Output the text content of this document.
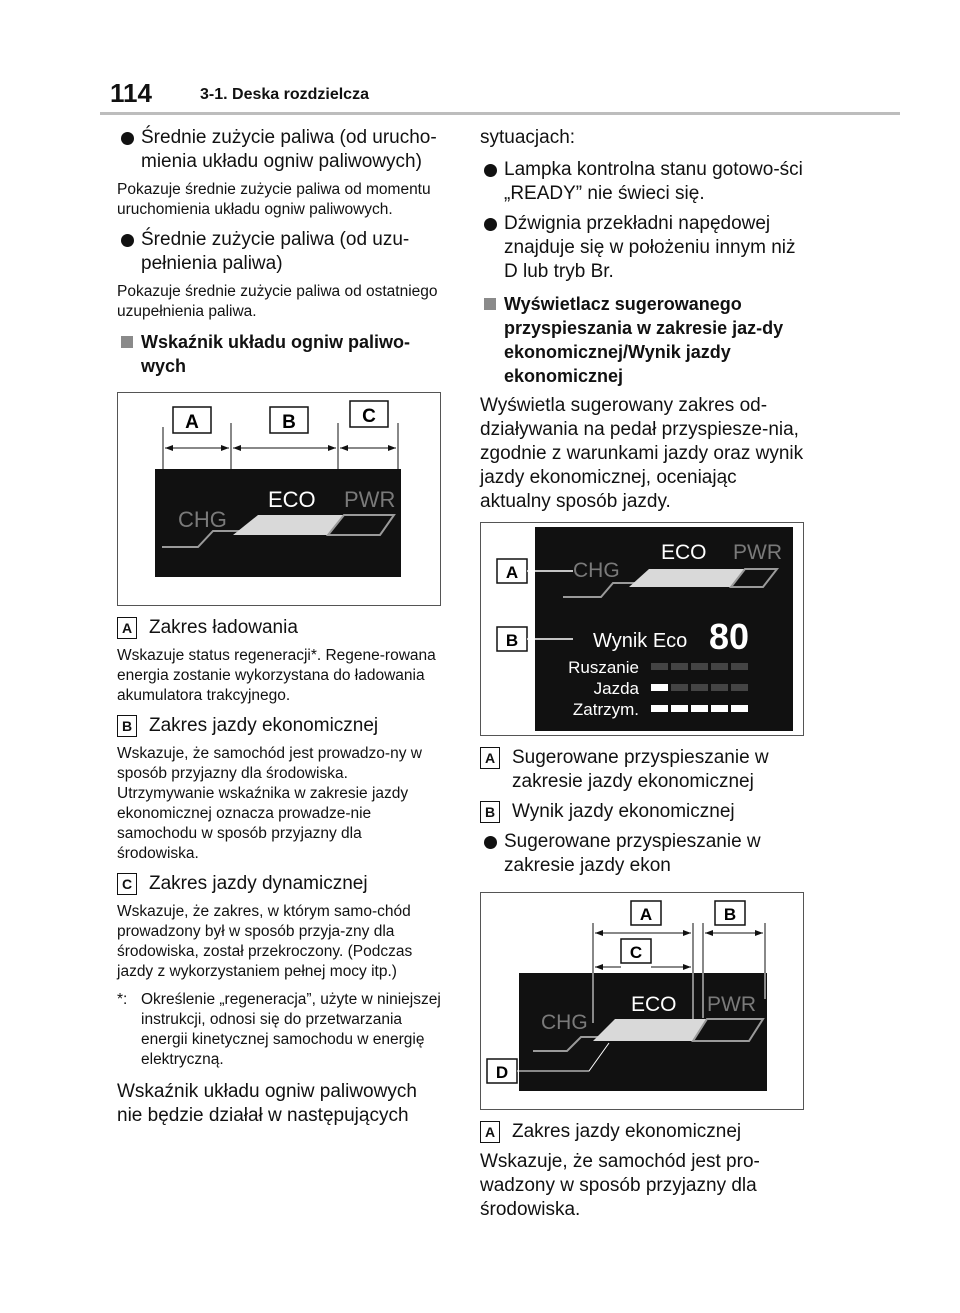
114	3-1. Deska rozdzielcza
Średnie zużycie paliwa (od urucho-mienia układu ogniw paliwowych)
Pokazuje średnie zużycie paliwa od momentu uruchomienia układu ogniw paliwowych.
Średnie zużycie paliwa (od uzu-pełnienia paliwa)
Pokazuje średnie zużycie paliwa od ostatniego uzupełnienia paliwa.
Wskaźnik układu ogniw paliwo-wych
A	B	C
CHG
ECO PWR
A Zakres ładowania
Wskazuje status regeneracji*. Regene-rowana energia zostanie wykorzystana do ładowania akumulatora trakcyjnego.
B Zakres jazdy ekonomicznej
Wskazuje, że samochód jest prowadzo-ny w sposób przyjazny dla środowiska. Utrzymywanie wskaźnika w zakresie jazdy ekonomicznej oznacza prowadze-nie samochodu w sposób przyjazny dla środowiska.
C Zakres jazdy dynamicznej
Wskazuje, że zakres, w którym samo-chód prowadzony był w sposób przyja-zny dla środowiska, został przekroczony. (Podczas jazdy z wykorzystaniem pełnej mocy itp.)
*: Określenie „regeneracja”, użyte w niniejszej instrukcji, odnosi się do przetwarzania energii kinetycznej samochodu w energię elektryczną.
Wskaźnik układu ogniw paliwowych nie będzie działał w następujących
sytuacjach:
Lampka kontrolna stanu gotowo-ści „READY” nie świeci się.
Dźwignia przekładni napędowej znajduje się w położeniu innym niż D lub tryb Br.
Wyświetlacz sugerowanego przyspieszania w zakresie jaz-dy ekonomicznej/Wynik jazdy ekonomicznej
Wyświetla sugerowany zakres od-działywania na pedał przyspiesze-nia, zgodnie z warunkami jazdy oraz wynik jazdy ekonomicznej, oceniając aktualny sposób jazdy.
A
B
CHG
ECO PWR
Wynik Eco 80
Ruszanie
Jazda
Zatrzym.
A Sugerowane przyspieszanie w zakresie jazdy ekonomicznej
B Wynik jazdy ekonomicznej
Sugerowane przyspieszanie w zakresie jazdy ekon
A	B
C
D
CHG
ECO PWR
A Zakres jazdy ekonomicznej
Wskazuje, że samochód jest pro-wadzony w sposób przyjazny dla środowiska.
